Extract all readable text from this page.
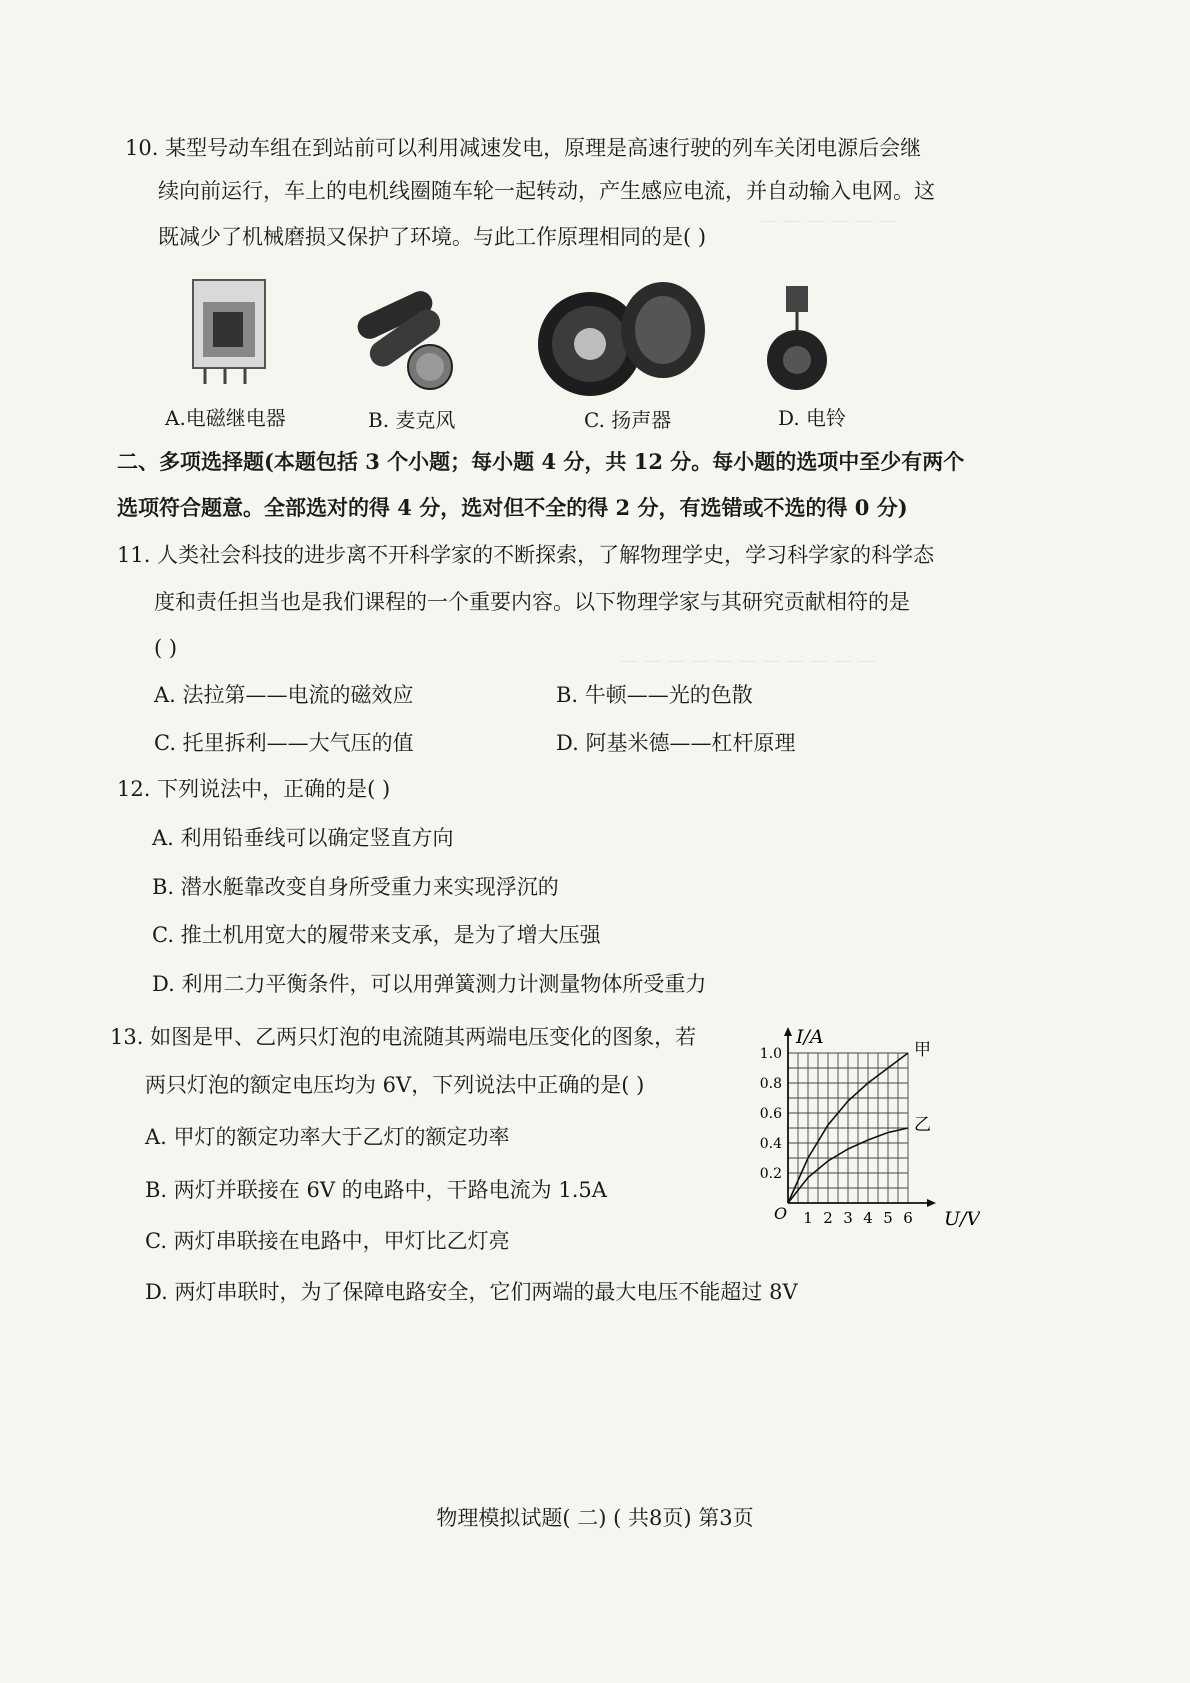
— — — — — —
— — — — — — — — — — —
10. 某型号动车组在到站前可以利用减速发电，原理是高速行驶的列车关闭电源后会继
续向前运行，车上的电机线圈随车轮一起转动，产生感应电流，并自动输入电网。这
既减少了机械磨损又保护了环境。与此工作原理相同的是( )
A.电磁继电器	B. 麦克风	C. 扬声器	D. 电铃
二、多项选择题(本题包括 3 个小题；每小题 4 分，共 12 分。每小题的选项中至少有两个
选项符合题意。全部选对的得 4 分，选对但不全的得 2 分，有选错或不选的得 0 分)
11. 人类社会科技的进步离不开科学家的不断探索，了解物理学史，学习科学家的科学态
度和责任担当也是我们课程的一个重要内容。以下物理学家与其研究贡献相符的是
( )
A. 法拉第——电流的磁效应	B. 牛顿——光的色散
C. 托里拆利——大气压的值	D. 阿基米德——杠杆原理
12. 下列说法中，正确的是( )
A. 利用铅垂线可以确定竖直方向
B. 潜水艇靠改变自身所受重力来实现浮沉的
C. 推土机用宽大的履带来支承，是为了增大压强
D. 利用二力平衡条件，可以用弹簧测力计测量物体所受重力
13. 如图是甲、乙两只灯泡的电流随其两端电压变化的图象，若
两只灯泡的额定电压均为 6V，下列说法中正确的是( )
A. 甲灯的额定功率大于乙灯的额定功率
B. 两灯并联接在 6V 的电路中，干路电流为 1.5A
C. 两灯串联接在电路中，甲灯比乙灯亮
D. 两灯串联时，为了保障电路安全，它们两端的最大电压不能超过 8V
1 2 3 4 5 6
0.2
0.4
0.6
0.8
1.0
O	U/V
I/A
甲
乙
物理模拟试题( 二) ( 共8页) 第3页
